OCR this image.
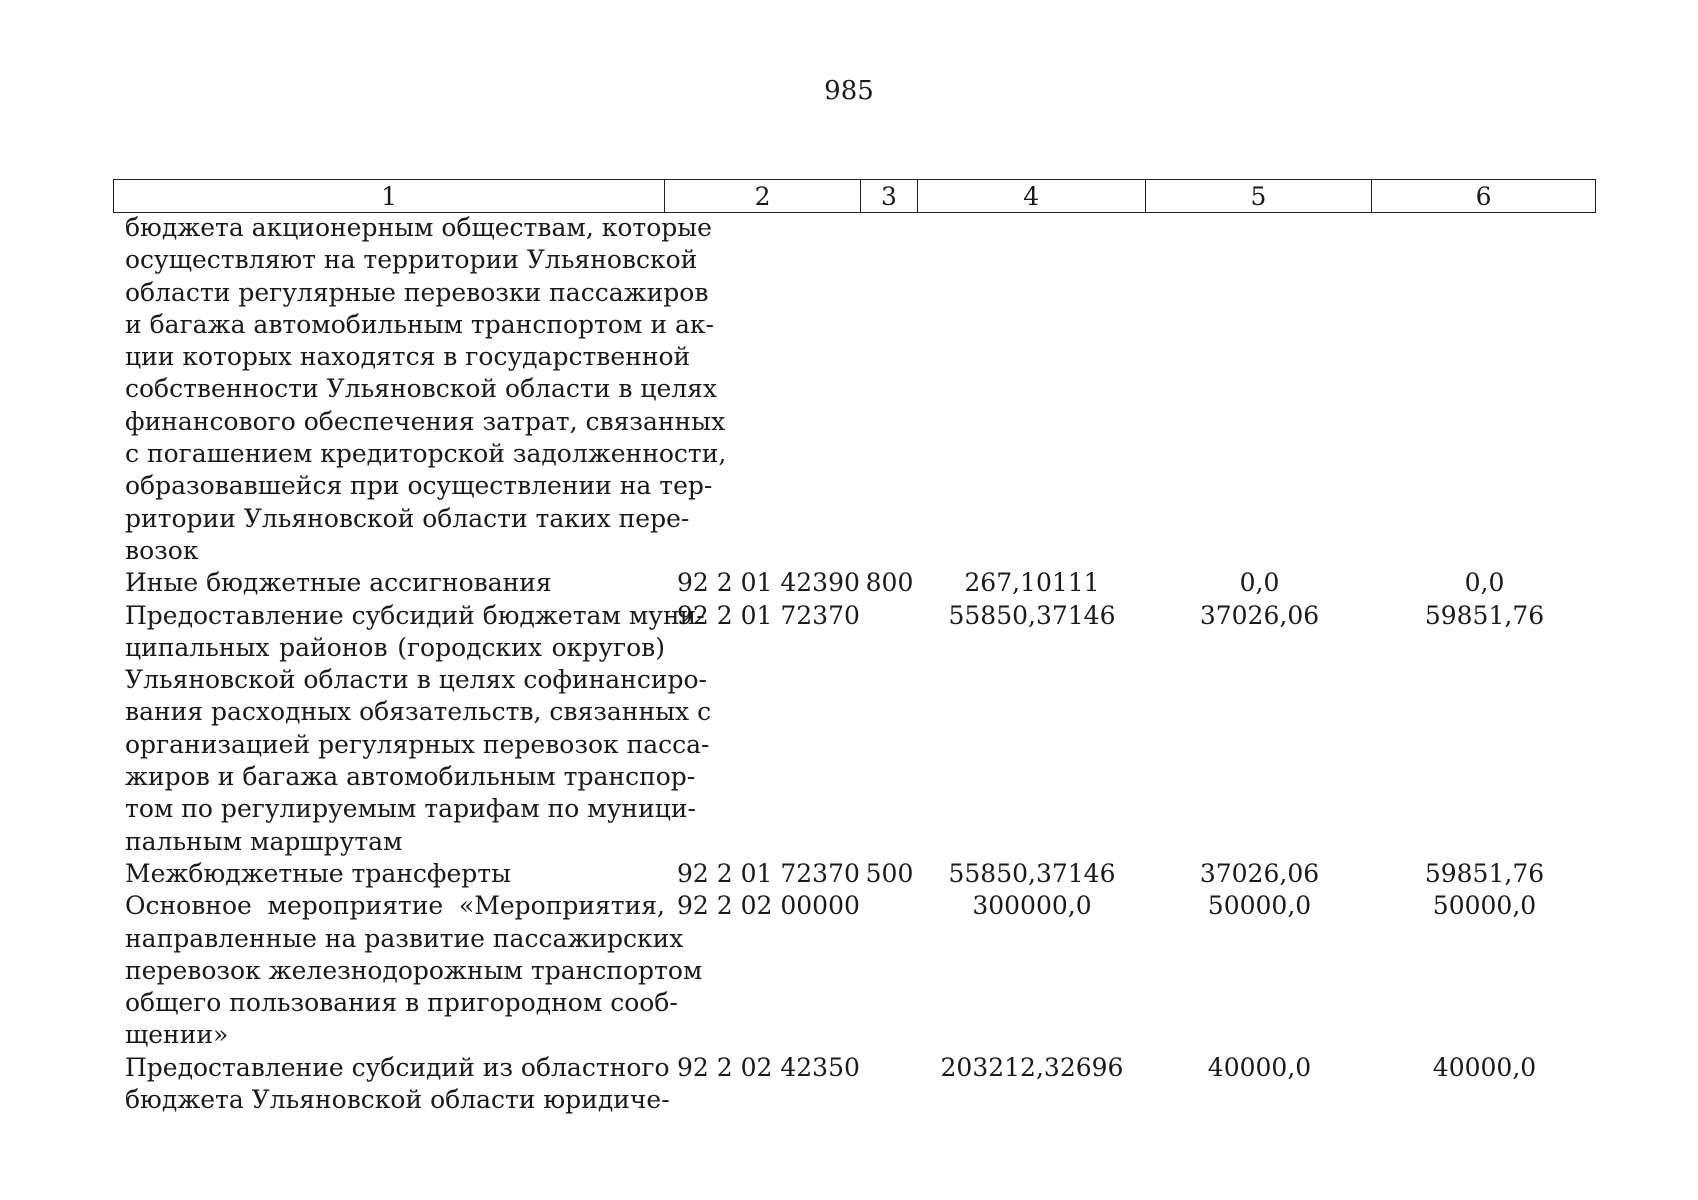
985
1	2	3	4	5	6
бюджета акционерным обществам, которые
осуществляют на территории Ульяновской
области регулярные перевозки пассажиров
и багажа автомобильным транспортом и ак-
ции которых находятся в государственной
собственности Ульяновской области в целях
финансового обеспечения затрат, связанных
с погашением кредиторской задолженности,
образовавшейся при осуществлении на тер-
ритории Ульяновской области таких пере-
возок
Иные бюджетные ассигнования	92 2 01 42390 800	267,10111	0,0	0,0
Предоставление субсидий бюджетам муни-
ципальных районов (городских округов)
Ульяновской области в целях софинансиро-
вания расходных обязательств, связанных с
организацией регулярных перевозок пасса-
жиров и багажа автомобильным транспор-
том по регулируемым тарифам по муници-
пальным маршрутам
92 2 01 72370	55850,37146	37026,06	59851,76
Межбюджетные трансферты	92 2 01 72370 500	55850,37146	37026,06	59851,76
Основное мероприятие «Мероприятия,
направленные на развитие пассажирских
перевозок железнодорожным транспортом
общего пользования в пригородном сооб-
щении»
92 2 02 00000	300000,0	50000,0	50000,0
Предоставление субсидий из областного
бюджета Ульяновской области юридиче-
92 2 02 42350	203212,32696	40000,0	40000,0
